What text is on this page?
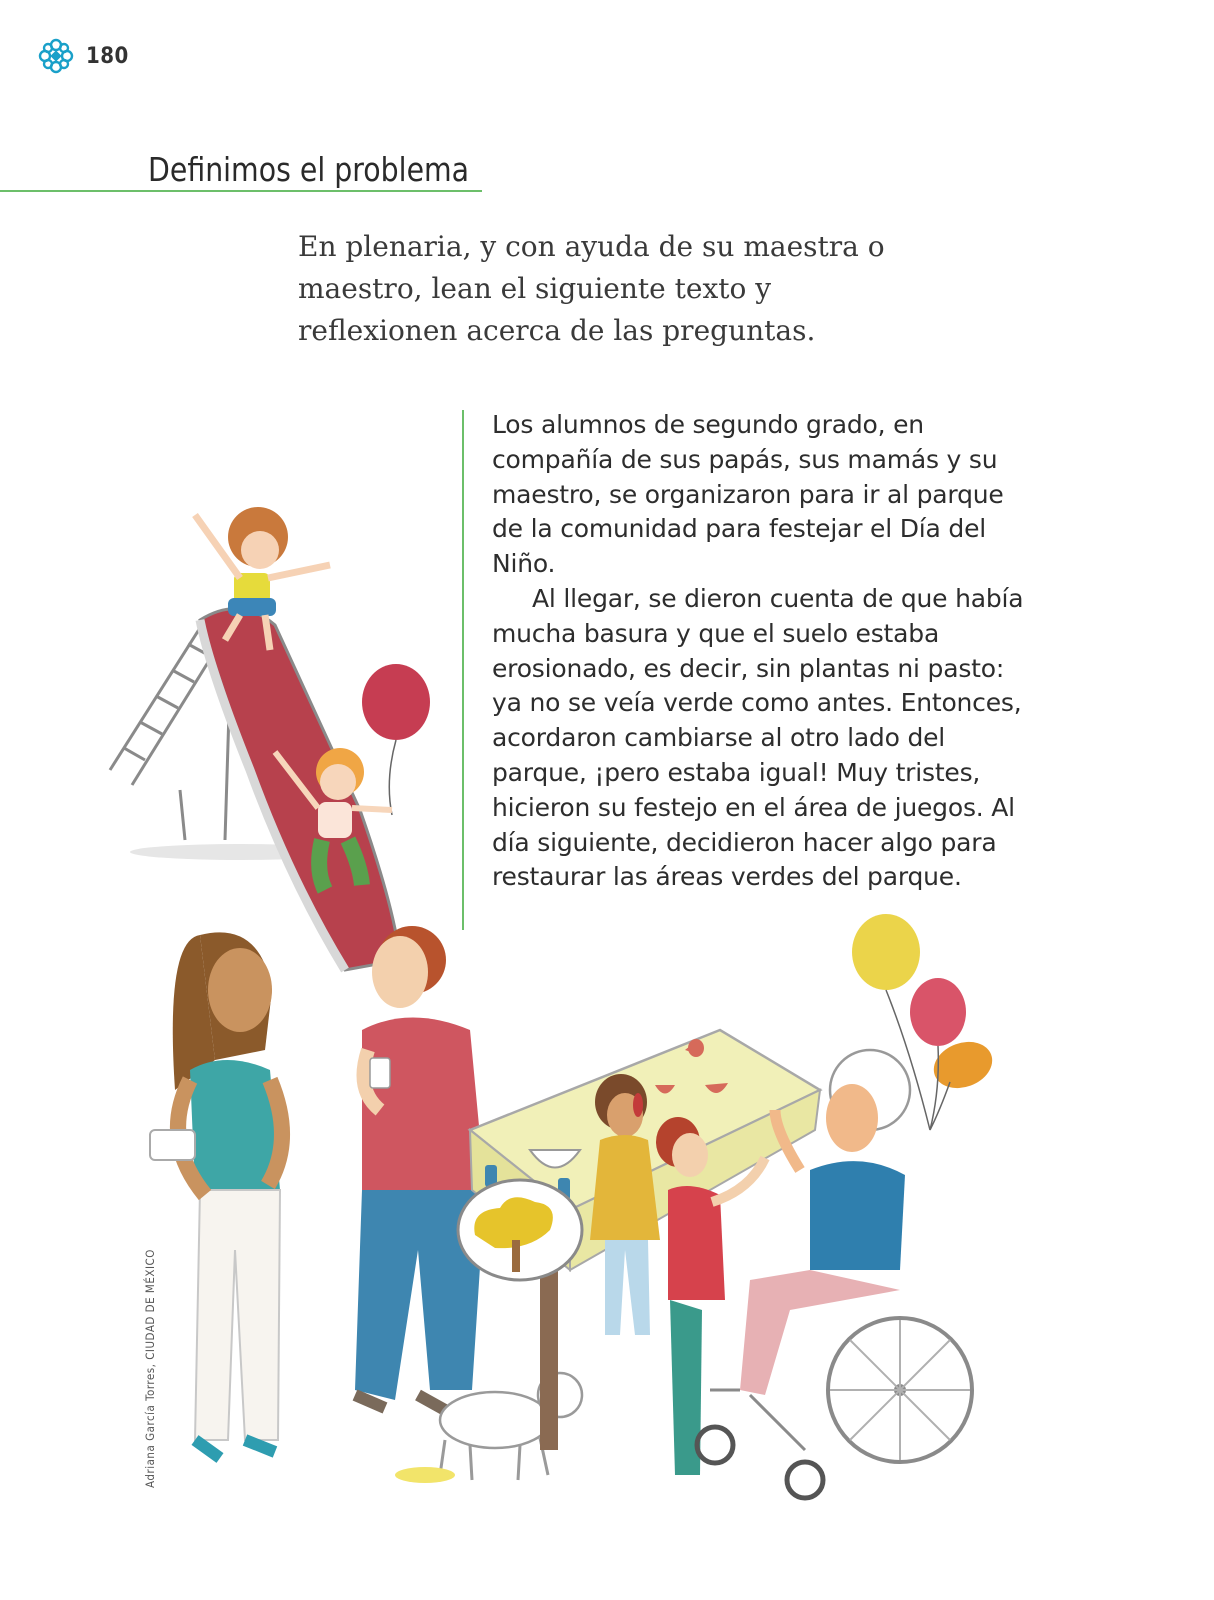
180
Definimos el problema

En plenaria, y con ayuda de su maestra o maestro, lean el siguiente texto y reflexionen acerca de las preguntas.

Los alumnos de segundo grado, en compañía de sus papás, sus mamás y su maestro, se organizaron para ir al parque de la comunidad para festejar el Día del Niño.

Al llegar, se dieron cuenta de que había mucha basura y que el suelo estaba erosionado, es decir, sin plantas ni pasto: ya no se veía verde como antes. Entonces, acordaron cambiarse al otro lado del parque, ¡pero estaba igual! Muy tristes, hicieron su festejo en el área de juegos. Al día siguiente, decidieron hacer algo para restaurar las áreas verdes del parque.

Adriana García Torres, CIUDAD DE MÉXICO
